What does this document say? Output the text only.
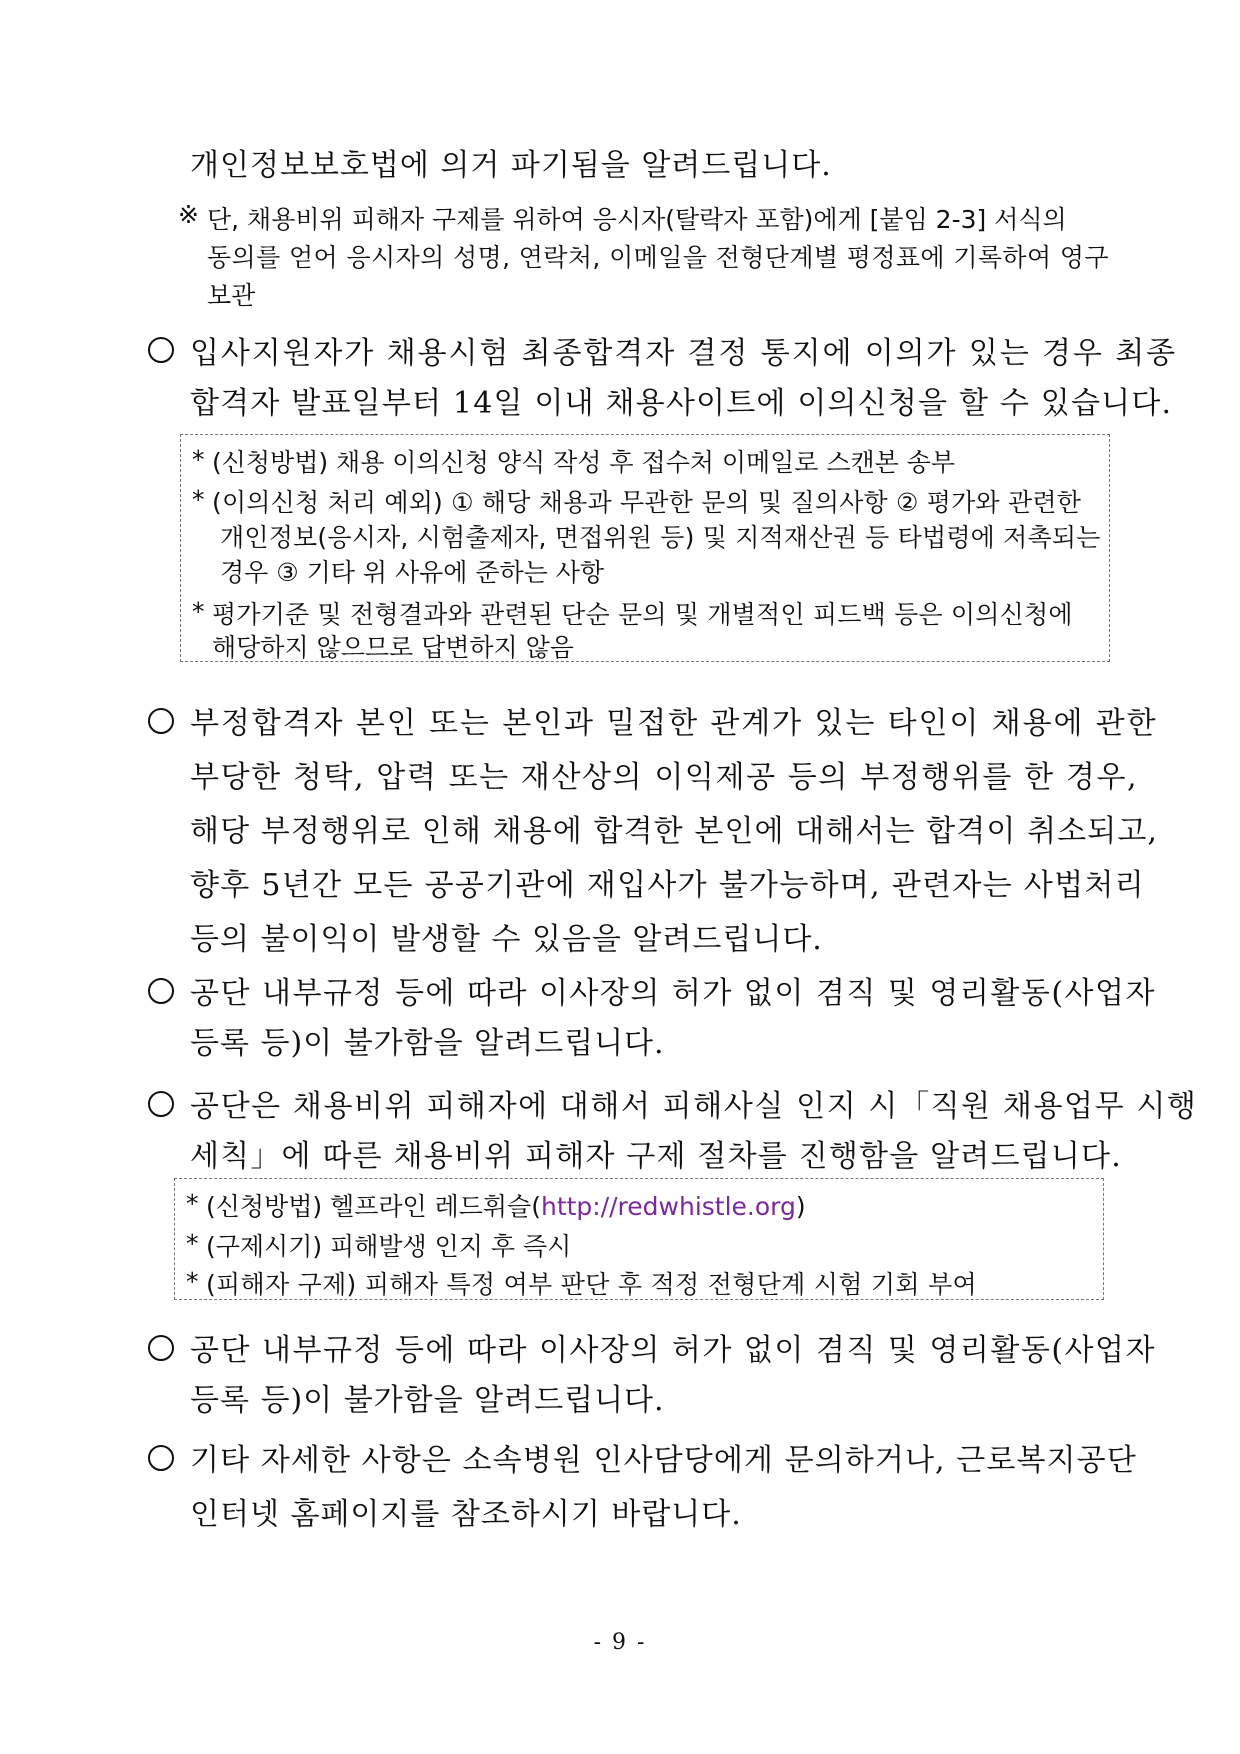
개인정보보호법에 의거 파기됨을 알려드립니다.
※ 단, 채용비위 피해자 구제를 위하여 응시자(탈락자 포함)에게 [붙임 2-3] 서식의
동의를 얻어 응시자의 성명, 연락처, 이메일을 전형단계별 평정표에 기록하여 영구
보관
입사지원자가 채용시험 최종합격자 결정 통지에 이의가 있는 경우 최종
합격자 발표일부터 14일 이내 채용사이트에 이의신청을 할 수 있습니다.
* (신청방법) 채용 이의신청 양식 작성 후 접수처 이메일로 스캔본 송부
* (이의신청 처리 예외) ① 해당 채용과 무관한 문의 및 질의사항 ② 평가와 관련한
개인정보(응시자, 시험출제자, 면접위원 등) 및 지적재산권 등 타법령에 저촉되는
경우 ③ 기타 위 사유에 준하는 사항
* 평가기준 및 전형결과와 관련된 단순 문의 및 개별적인 피드백 등은 이의신청에
해당하지 않으므로 답변하지 않음
부정합격자 본인 또는 본인과 밀접한 관계가 있는 타인이 채용에 관한
부당한 청탁, 압력 또는 재산상의 이익제공 등의 부정행위를 한 경우,
해당 부정행위로 인해 채용에 합격한 본인에 대해서는 합격이 취소되고,
향후 5년간 모든 공공기관에 재입사가 불가능하며, 관련자는 사법처리
등의 불이익이 발생할 수 있음을 알려드립니다.
공단 내부규정 등에 따라 이사장의 허가 없이 겸직 및 영리활동(사업자
등록 등)이 불가함을 알려드립니다.
공단은 채용비위 피해자에 대해서 피해사실 인지 시「직원 채용업무 시행
세칙」에 따른 채용비위 피해자 구제 절차를 진행함을 알려드립니다.
* (신청방법) 헬프라인 레드휘슬(http://redwhistle.org)
* (구제시기) 피해발생 인지 후 즉시
* (피해자 구제) 피해자 특정 여부 판단 후 적정 전형단계 시험 기회 부여
공단 내부규정 등에 따라 이사장의 허가 없이 겸직 및 영리활동(사업자
등록 등)이 불가함을 알려드립니다.
기타 자세한 사항은 소속병원 인사담당에게 문의하거나, 근로복지공단
인터넷 홈페이지를 참조하시기 바랍니다.
- 9 -
